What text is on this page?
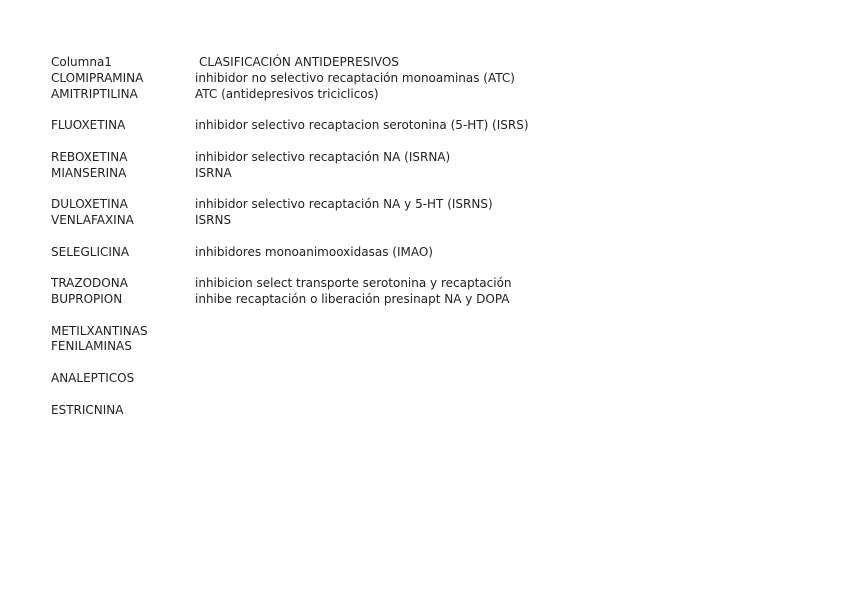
Columna1	CLASIFICACIÓN ANTIDEPRESIVOS
CLOMIPRAMINA	inhibidor no selectivo recaptación monoaminas (ATC)
AMITRIPTILINA	ATC (antidepresivos triciclicos)
FLUOXETINA	inhibidor selectivo recaptacion serotonina (5-HT) (ISRS)
REBOXETINA	inhibidor selectivo recaptación NA (ISRNA)
MIANSERINA	ISRNA
DULOXETINA	inhibidor selectivo recaptación NA y 5-HT (ISRNS)
VENLAFAXINA	ISRNS
SELEGLICINA	inhibidores monoanimooxidasas (IMAO)
TRAZODONA	inhibicion select transporte serotonina y recaptación
BUPROPION	inhibe recaptación o liberación presinapt NA y DOPA
METILXANTINAS
FENILAMINAS
ANALEPTICOS
ESTRICNINA
